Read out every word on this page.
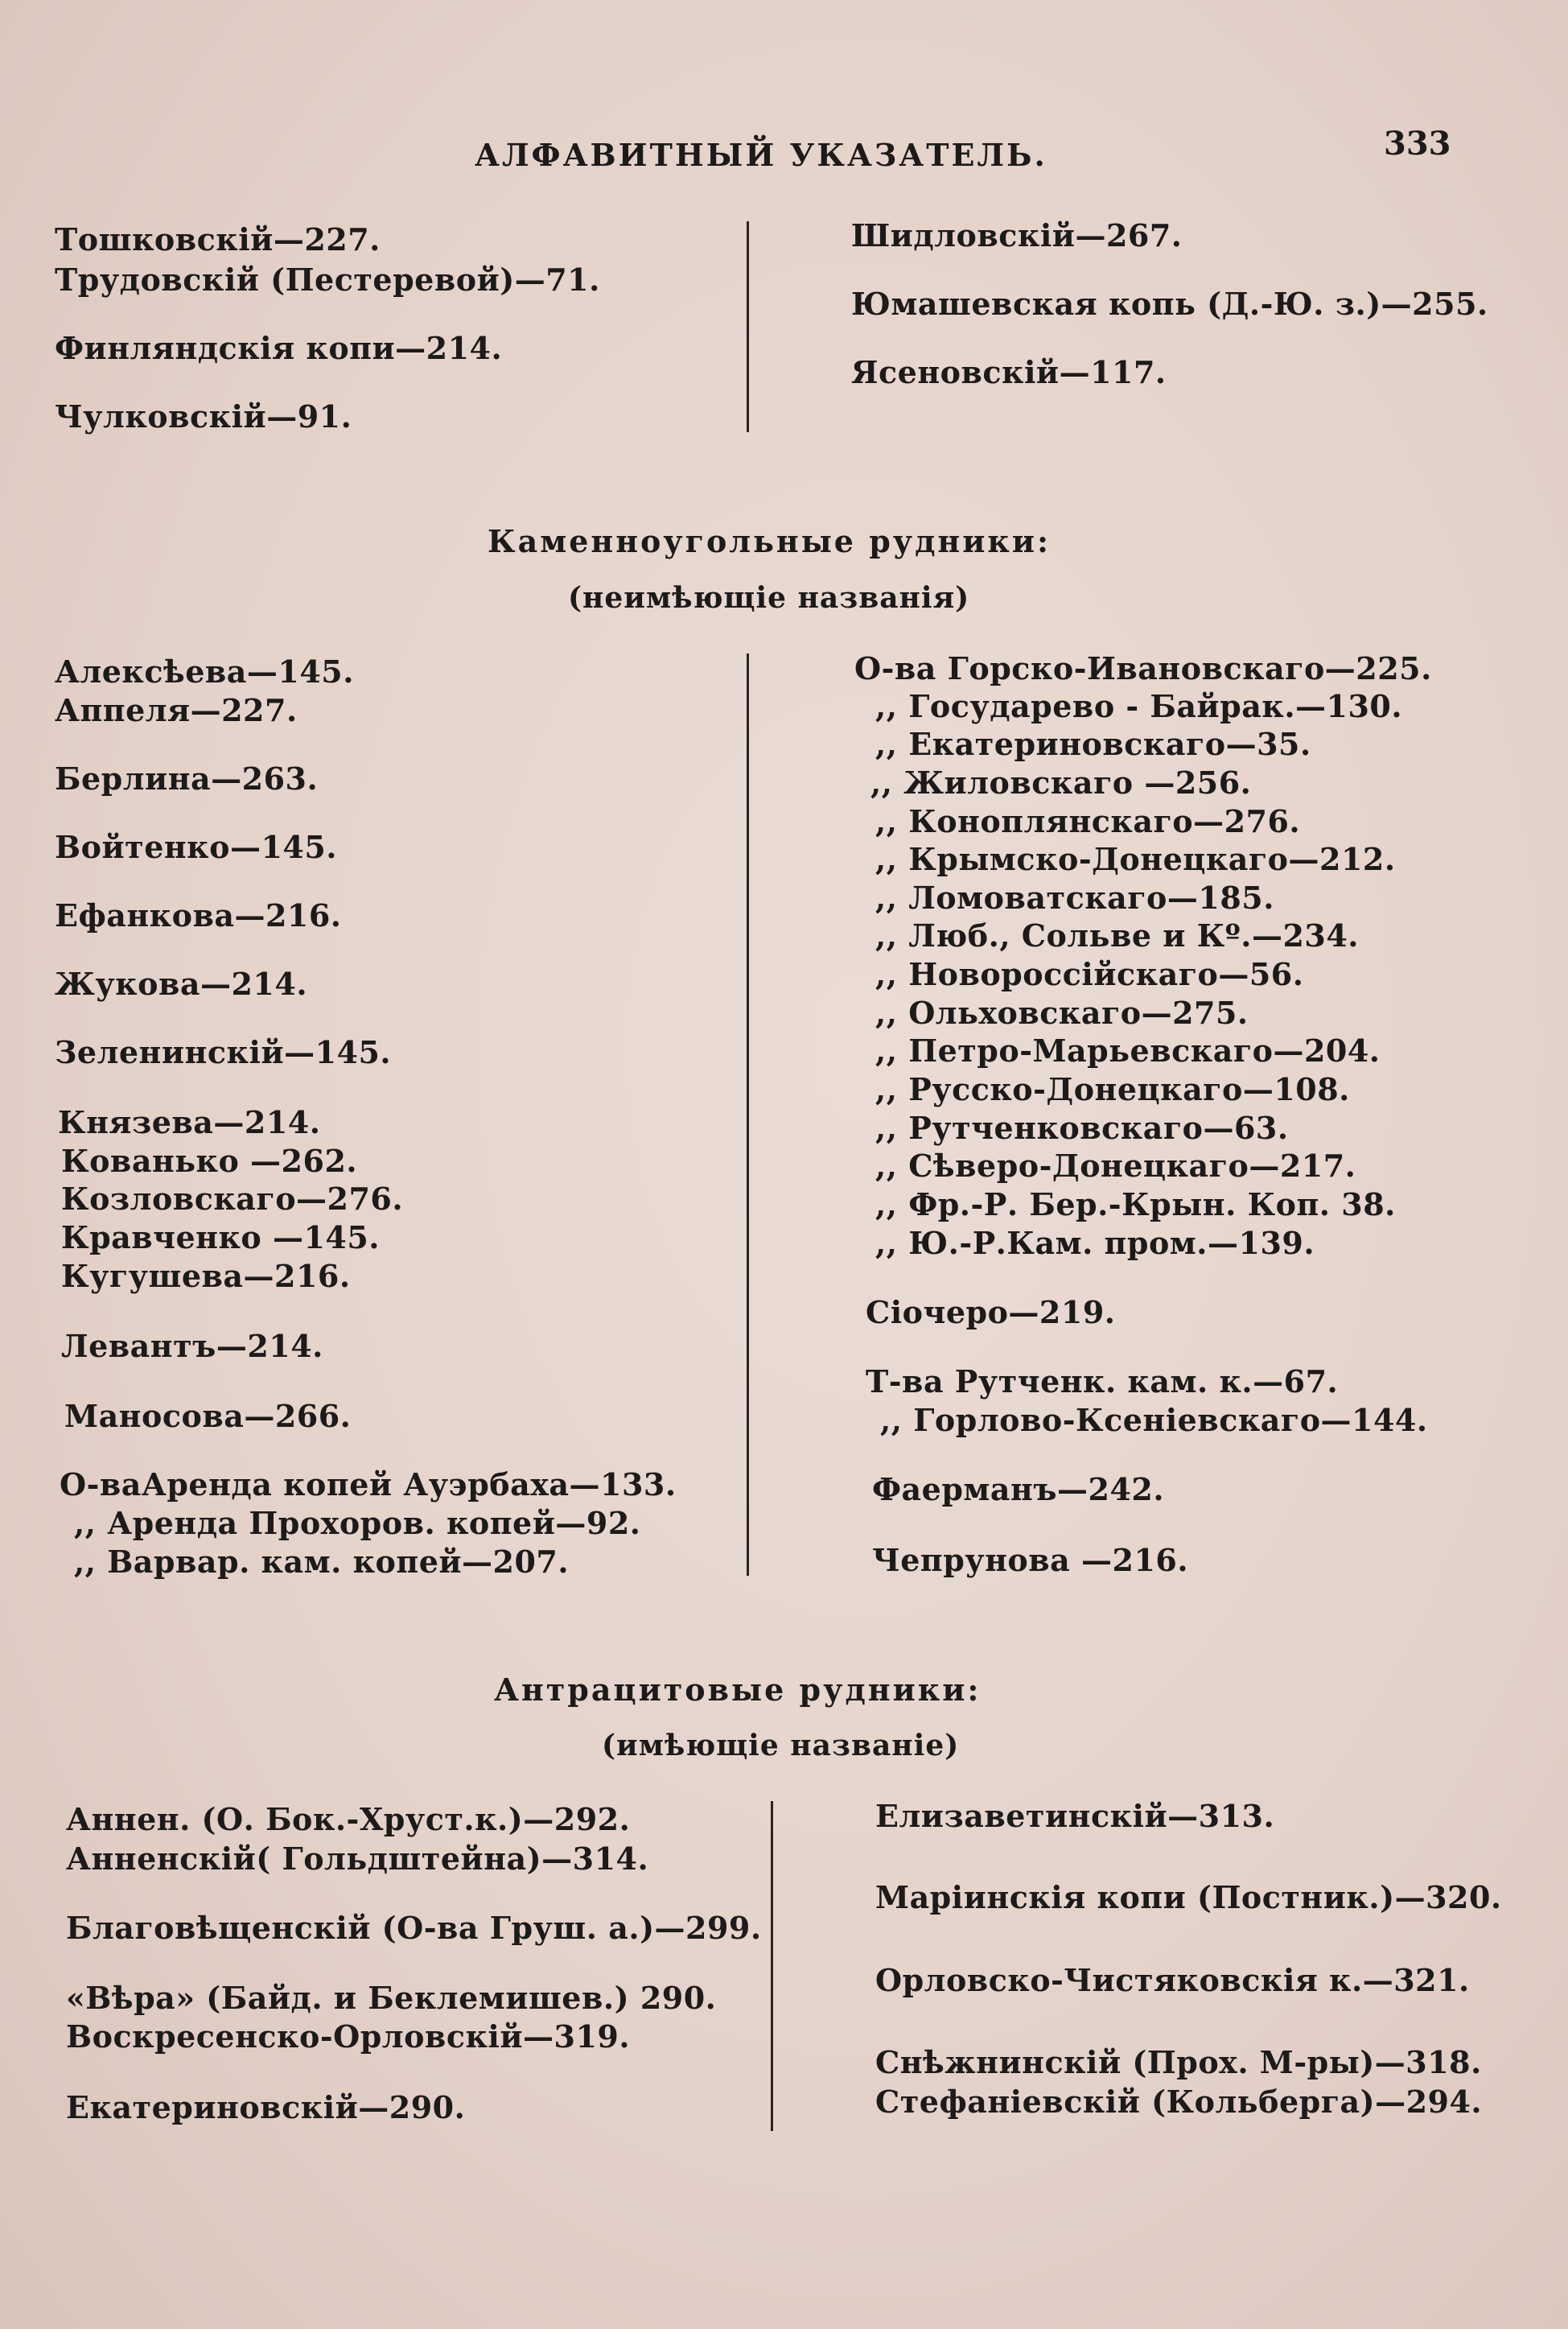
АЛФАВИТНЫЙ УКАЗАТЕЛЬ.	333
Тошковскій—227.
Трудовскій (Пестеревой)—71.
Финляндскія копи—214.
Чулковскій—91.
Шидловскій—267.
Юмашевская копь (Д.-Ю. з.)—255.
Ясеновскій—117.
Каменноугольные рудники:
(неимѣющіе названія)
Алексѣева—145.
Аппеля—227.
Берлина—263.
Войтенко—145.
Ефанкова—216.
Жукова—214.
Зеленинскій—145.
Князева—214.
Кованько —262.
Козловскаго—276.
Кравченко —145.
Кугушева—216.
Левантъ—214.
Маносова—266.
О-ваАренда копей Ауэрбаха—133.
,, Аренда Прохоров. копей—92.
,, Варвар. кам. копей—207.
О-ва Горско-Ивановскаго—225.
,, Государево - Байрак.—130.
,, Екатериновскаго—35.
,, Жиловскаго —256.
,, Коноплянскаго—276.
,, Крымско-Донецкаго—212.
,, Ломоватскаго—185.
,, Люб., Сольве и Кº.—234.
,, Новороссійскаго—56.
,, Ольховскаго—275.
,, Петро-Марьевскаго—204.
,, Русско-Донецкаго—108.
,, Рутченковскаго—63.
,, Сѣверо-Донецкаго—217.
,, Фр.-Р. Бер.-Крын. Коп. 38.
,, Ю.-Р.Кам. пром.—139.
Сіочеро—219.
Т-ва Рутченк. кам. к.—67.
,, Горлово-Ксеніевскаго—144.
Фаерманъ—242.
Чепрунова —216.
Антрацитовые рудники:
(имѣющіе названіе)
Аннен. (О. Бок.-Хруст.к.)—292.
Анненскій( Гольдштейна)—314.
Благовѣщенскій (О-ва Груш. а.)—299.
«Вѣра» (Байд. и Беклемишев.) 290.
Воскресенско-Орловскій—319.
Екатериновскій—290.
Елизаветинскій—313.
Маріинскія копи (Постник.)—320.
Орловско-Чистяковскія к.—321.
Снѣжнинскій (Прох. М-ры)—318.
Стефаніевскій (Кольберга)—294.
